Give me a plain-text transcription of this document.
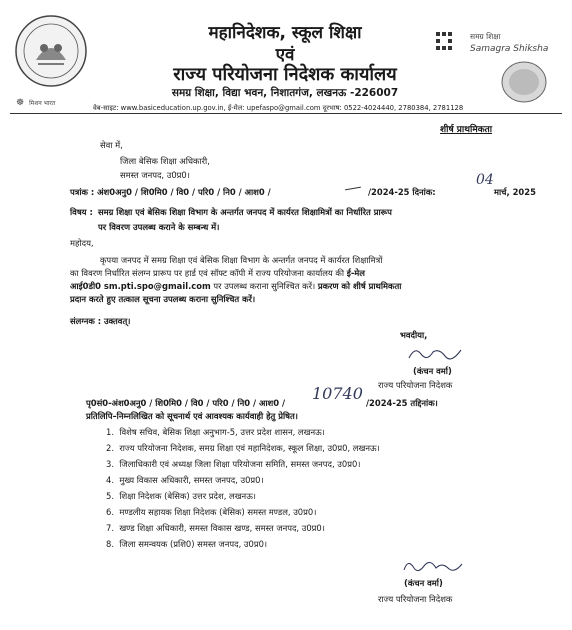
☸ मिशन भारत
महानिदेशक, स्कूल शिक्षा
एवं
राज्य परियोजना निदेशक कार्यालय
समग्र शिक्षा, विद्या भवन, निशातगंज, लखनऊ -226007
समग्र शिक्षा
Samagra Shiksha
वेब-साइट: www.basiceducation.up.gov.in, ई-मेल: upefaspo@gmail.com दूरभाष: 0522-4024440, 2780384, 2781128
शीर्ष प्राथमिकता
सेवा में,
जिला बेसिक शिक्षा अधिकारी,
समस्त जनपद, उ0प्र0।
पत्रांक : अंश0अनु0 / शि0मि0 / वि0 / परि0 / नि0 / आश0 /	/2024-25 दिनांक:
04
मार्च, 2025
विषय : समग्र शिक्षा एवं बेसिक शिक्षा विभाग के अन्तर्गत जनपद में कार्यरत शिक्षामित्रों का निर्धारित प्रारूप
पर विवरण उपलब्ध कराने के सम्बन्ध में।
महोदय,
कृपया जनपद में समग्र शिक्षा एवं बेसिक शिक्षा विभाग के अन्तर्गत जनपद में कार्यरत शिक्षामित्रों
का विवरण निर्धारित संलग्न प्रारूप पर हार्ड एवं सॉफ्ट कॉपी में राज्य परियोजना कार्यालय की ई-मेल
आई0डी0 sm.pti.spo@gmail.com पर उपलब्ध कराना सुनिश्चित करें। प्रकरण को शीर्ष प्राथमिकता
प्रदान करते हुए तत्काल सूचना उपलब्ध कराना सुनिश्चित करें।
संलग्नक : उक्तवत्।
भवदीया,
(कंचन वर्मा)
राज्य परियोजना निदेशक
पृ0सं0-अंश0अनु0 / शि0मि0 / वि0 / परि0 / नि0 / आश0 / 10740 /2024-25 तद्दिनांक।
प्रतिलिपि–निम्नलिखित को सूचनार्थ एवं आवश्यक कार्यवाही हेतु प्रेषित।
1. विशेष सचिव, बेसिक शिक्षा अनुभाग-5, उत्तर प्रदेश शासन, लखनऊ।
2. राज्य परियोजना निदेशक, समग्र शिक्षा एवं महानिदेशक, स्कूल शिक्षा, उ0प्र0, लखनऊ।
3. जिलाधिकारी एवं अध्यक्ष जिला शिक्षा परियोजना समिति, समस्त जनपद, उ0प्र0।
4. मुख्य विकास अधिकारी, समस्त जनपद, उ0प्र0।
5. शिक्षा निदेशक (बेसिक) उत्तर प्रदेश, लखनऊ।
6. मण्डलीय सहायक शिक्षा निदेशक (बेसिक) समस्त मण्डल, उ0प्र0।
7. खण्ड शिक्षा अधिकारी, समस्त विकास खण्ड, समस्त जनपद, उ0प्र0।
8. जिला समन्वयक (प्रशि0) समस्त जनपद, उ0प्र0।
(कंचन वर्मा)
राज्य परियोजना निदेशक
